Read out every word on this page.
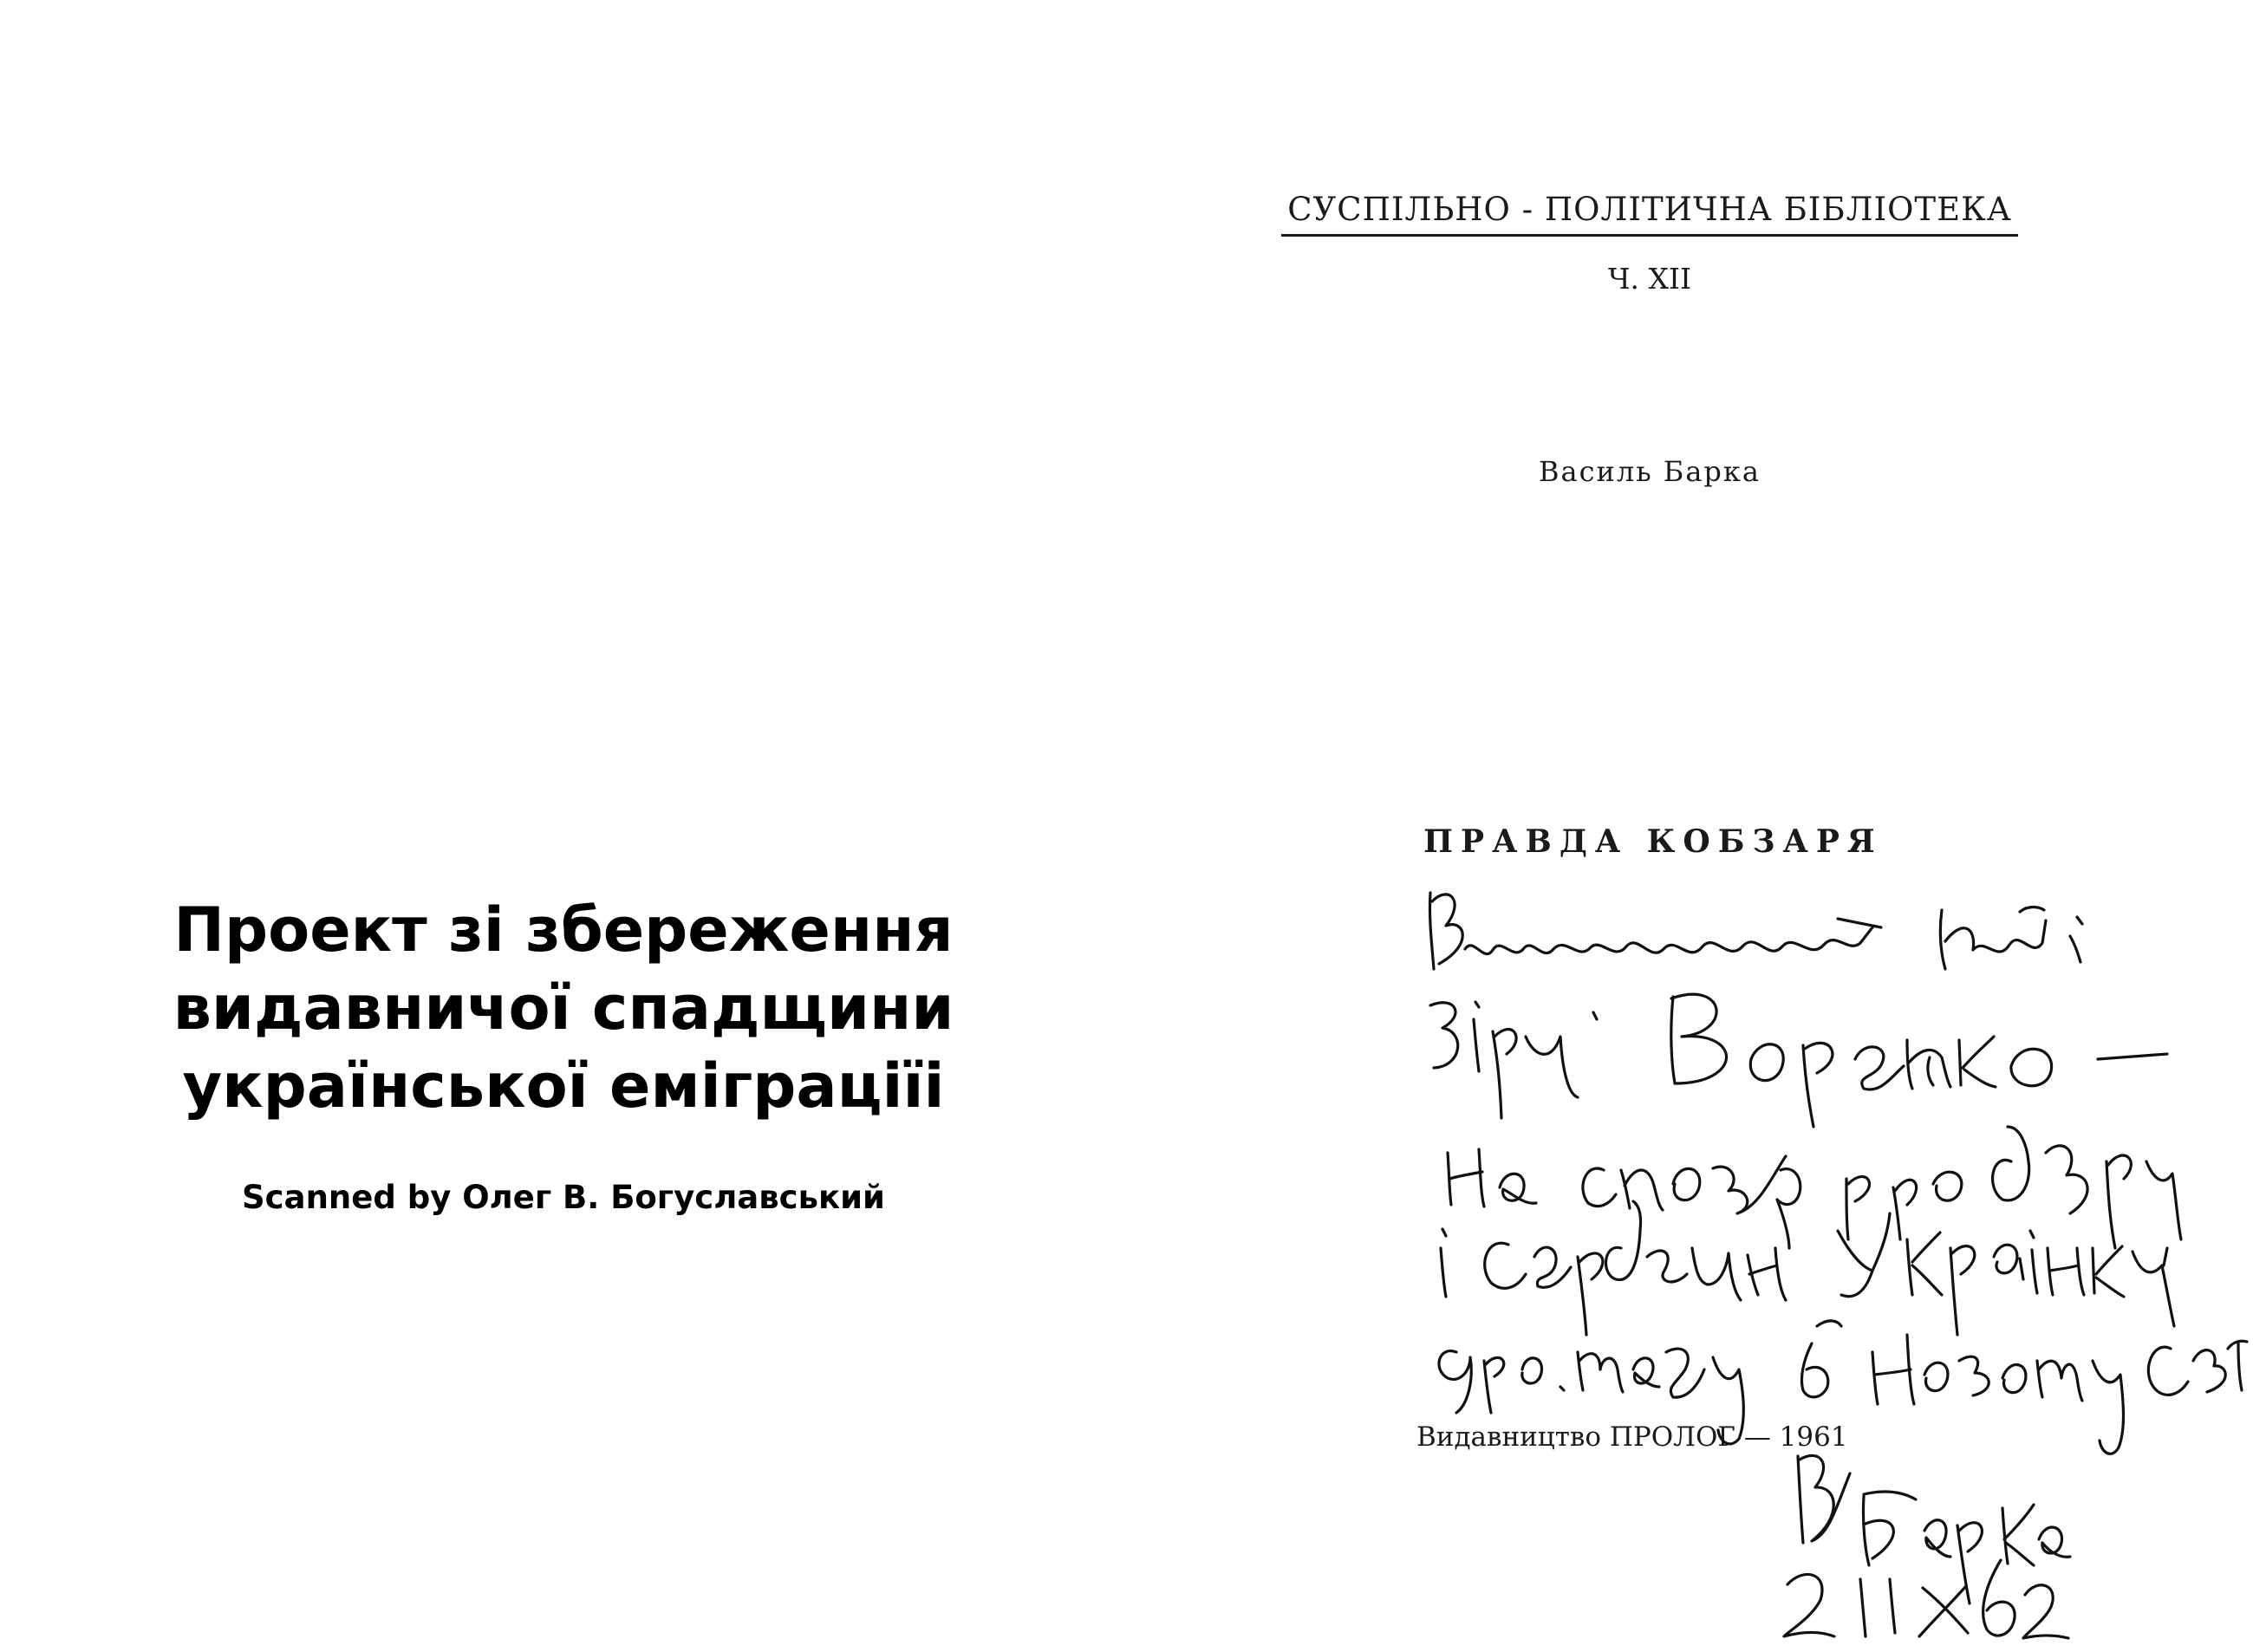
Проект зі збереження
видавничої спадщини
української еміграціїі
Scanned by Олег В. Богуславський
СУСПІЛЬНО - ПОЛІТИЧНА БІБЛІОТЕКА
Ч. XII
Василь Барка
ПРАВДА КОБЗАРЯ
Видавництво ПРОЛОГ — 1961
